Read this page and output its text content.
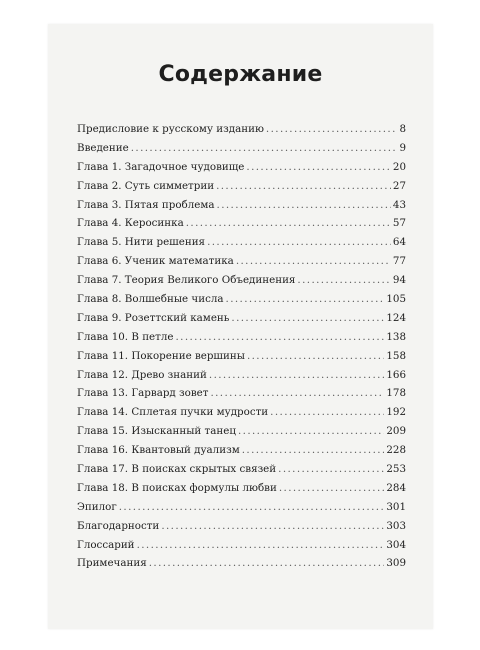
Содержание
Предисловие к русскому изданию .....	8
Введение .....	9
Глава 1. Загадочное чудовище .....	20
Глава 2. Суть симметрии .....	27
Глава 3. Пятая проблема .....	43
Глава 4. Керосинка .....	57
Глава 5. Нити решения .....	64
Глава 6. Ученик математика .....	77
Глава 7. Теория Великого Объединения .....	94
Глава 8. Волшебные числа .....	105
Глава 9. Розеттский камень .....	124
Глава 10. В петле .....	138
Глава 11. Покорение вершины .....	158
Глава 12. Древо знаний .....	166
Глава 13. Гарвард зовет .....	178
Глава 14. Сплетая пучки мудрости .....	192
Глава 15. Изысканный танец .....	209
Глава 16. Квантовый дуализм .....	228
Глава 17. В поисках скрытых связей .....	253
Глава 18. В поисках формулы любви .....	284
Эпилог .....	301
Благодарности .....	303
Глоссарий .....	304
Примечания .....	309
